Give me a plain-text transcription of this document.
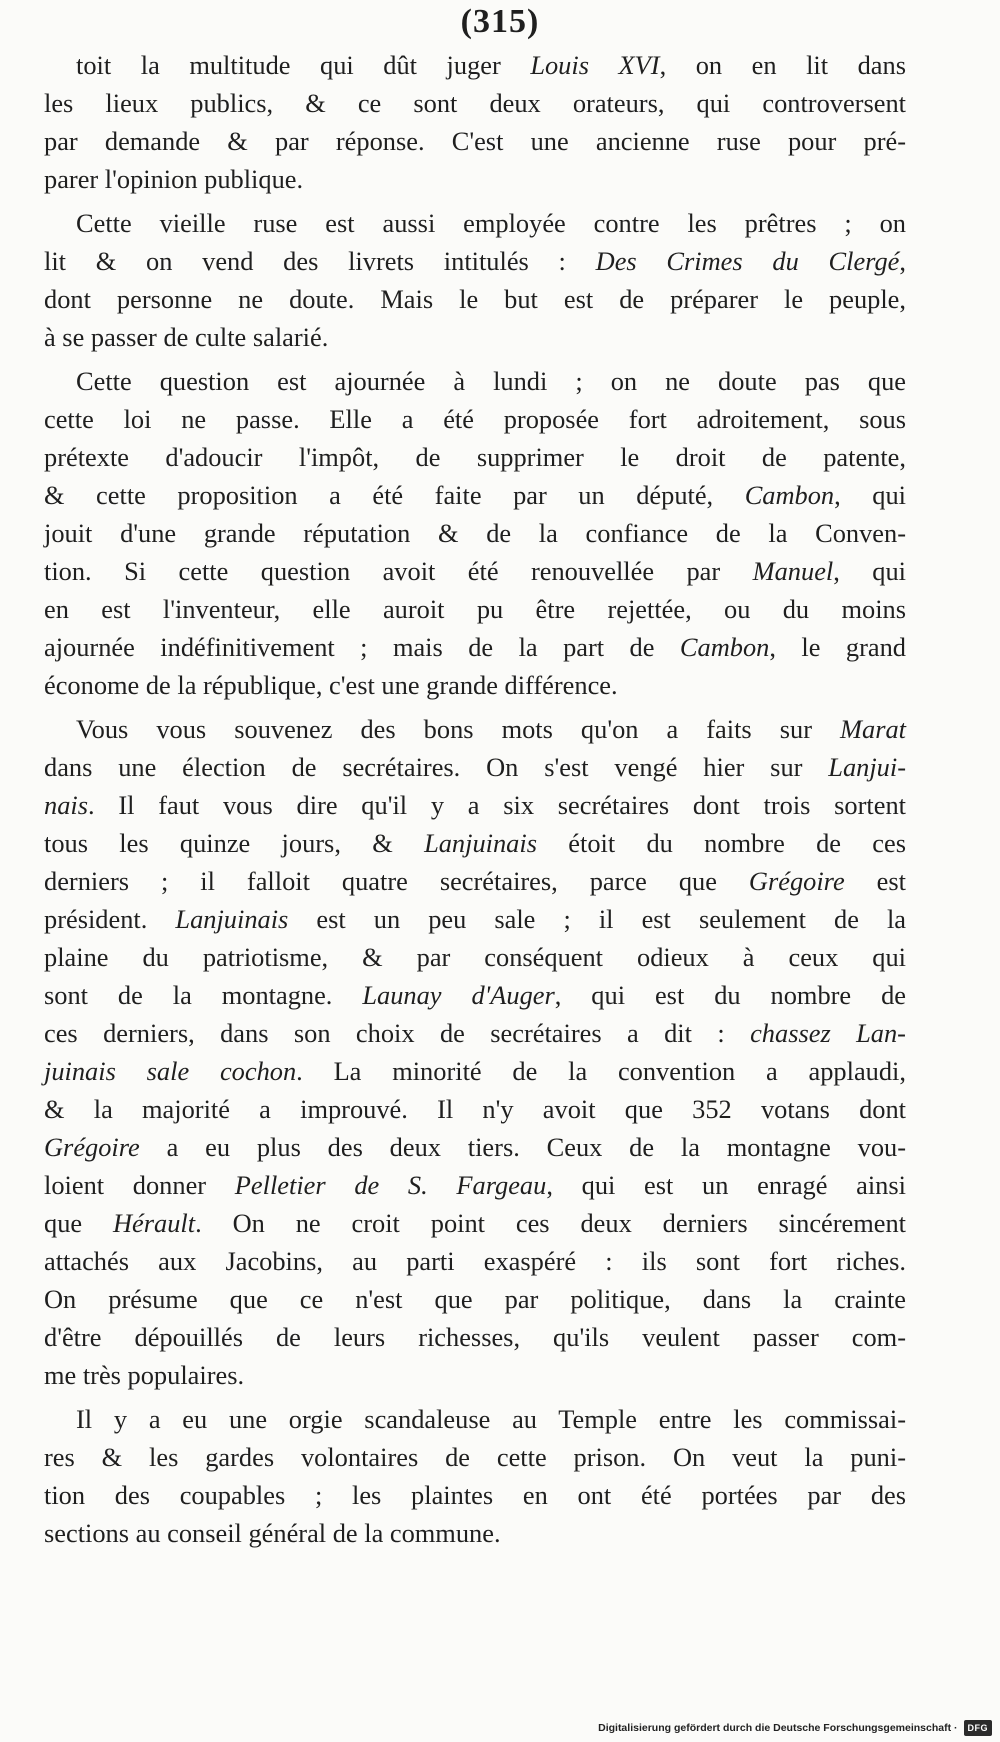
(315)
toit la multitude qui dût juger Louis XVI, on en lit dans
les lieux publics, & ce sont deux orateurs, qui controversent
par demande & par réponse. C'est une ancienne ruse pour pré-
parer l'opinion publique.
Cette vieille ruse est aussi employée contre les prêtres ; on
lit & on vend des livrets intitulés : Des Crimes du Clergé,
dont personne ne doute. Mais le but est de préparer le peuple,
à se passer de culte salarié.
Cette question est ajournée à lundi ; on ne doute pas que
cette loi ne passe. Elle a été proposée fort adroitement, sous
prétexte d'adoucir l'impôt, de supprimer le droit de patente,
& cette proposition a été faite par un député, Cambon, qui
jouit d'une grande réputation & de la confiance de la Conven-
tion. Si cette question avoit été renouvellée par Manuel, qui
en est l'inventeur, elle auroit pu être rejettée, ou du moins
ajournée indéfinitivement ; mais de la part de Cambon, le grand
économe de la république, c'est une grande différence.
Vous vous souvenez des bons mots qu'on a faits sur Marat
dans une élection de secrétaires. On s'est vengé hier sur Lanjui-
nais. Il faut vous dire qu'il y a six secrétaires dont trois sortent
tous les quinze jours, & Lanjuinais étoit du nombre de ces
derniers ; il falloit quatre secrétaires, parce que Grégoire est
président. Lanjuinais est un peu sale ; il est seulement de la
plaine du patriotisme, & par conséquent odieux à ceux qui
sont de la montagne. Launay d'Auger, qui est du nombre de
ces derniers, dans son choix de secrétaires a dit : chassez Lan-
juinais sale cochon. La minorité de la convention a applaudi,
& la majorité a improuvé. Il n'y avoit que 352 votans dont
Grégoire a eu plus des deux tiers. Ceux de la montagne vou-
loient donner Pelletier de S. Fargeau, qui est un enragé ainsi
que Hérault. On ne croit point ces deux derniers sincérement
attachés aux Jacobins, au parti exaspéré : ils sont fort riches.
On présume que ce n'est que par politique, dans la crainte
d'être dépouillés de leurs richesses, qu'ils veulent passer com-
me très populaires.
Il y a eu une orgie scandaleuse au Temple entre les commissai-
res & les gardes volontaires de cette prison. On veut la puni-
tion des coupables ; les plaintes en ont été portées par des
sections au conseil général de la commune.
Digitalisierung gefördert durch die Deutsche Forschungsgemeinschaft ·	DFG
